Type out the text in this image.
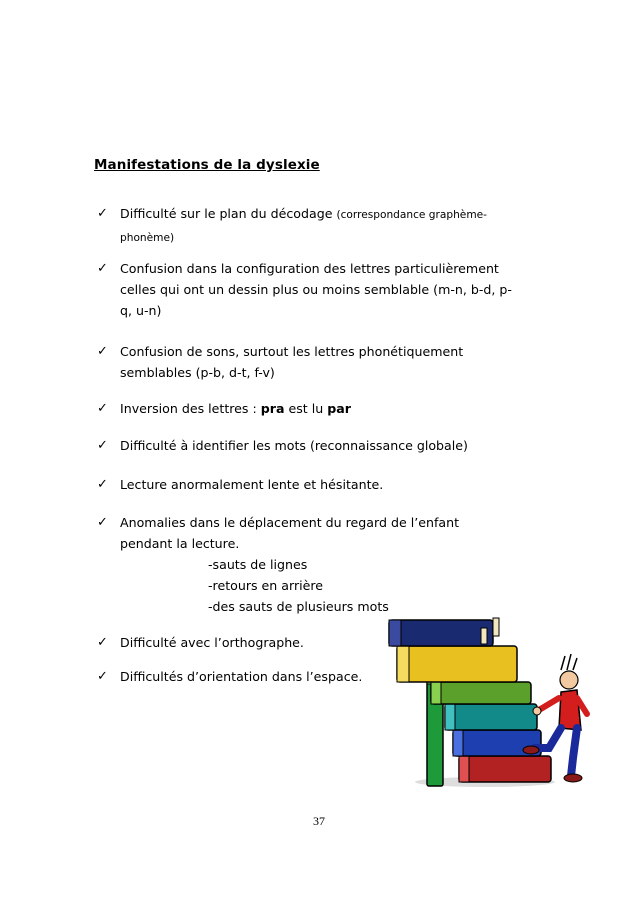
Manifestations de la dyslexie
✓ Difficulté sur le plan du décodage (correspondance graphème-
phonème)
✓ Confusion dans la configuration des lettres particulièrement
celles qui ont un dessin plus ou moins semblable (m-n, b-d, p-
q, u-n)
✓ Confusion de sons, surtout les lettres phonétiquement
semblables (p-b, d-t, f-v)
✓ Inversion des lettres : pra est lu par
✓ Difficulté à identifier les mots (reconnaissance globale)
✓ Lecture anormalement lente et hésitante.
✓ Anomalies dans le déplacement du regard de l’enfant
pendant la lecture.
-sauts de lignes
-retours en arrière
-des sauts de plusieurs mots
✓ Difficulté avec l’orthographe.
✓ Difficultés d’orientation dans l’espace.
37
